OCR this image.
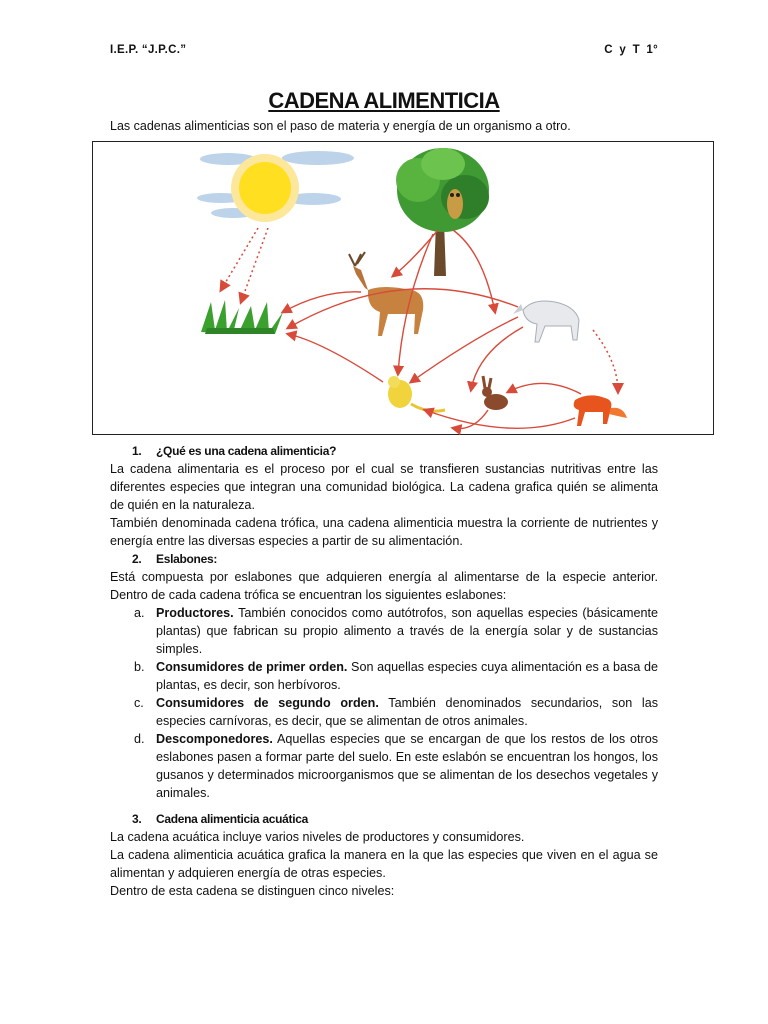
I.E.P. “J.P.C.”	C y T 1°
CADENA ALIMENTICIA
Las cadenas alimenticias son el paso de materia y energía de un organismo a otro.
1. ¿Qué es una cadena alimenticia?

La cadena alimentaria es el proceso por el cual se transfieren sustancias nutritivas entre las diferentes especies que integran una comunidad biológica. La cadena grafica quién se alimenta de quién en la naturaleza.

También denominada cadena trófica, una cadena alimenticia muestra la corriente de nutrientes y energía entre las diversas especies a partir de su alimentación.

2. Eslabones:

Está compuesta por eslabones que adquieren energía al alimentarse de la especie anterior. Dentro de cada cadena trófica se encuentran los siguientes eslabones:

a. Productores. También conocidos como autótrofos, son aquellas especies (básicamente plantas) que fabrican su propio alimento a través de la energía solar y de sustancias simples.
b. Consumidores de primer orden. Son aquellas especies cuya alimentación es a basa de plantas, es decir, son herbívoros.
c. Consumidores de segundo orden. También denominados secundarios, son las especies carnívoras, es decir, que se alimentan de otros animales.
d. Descomponedores. Aquellas especies que se encargan de que los restos de los otros eslabones pasen a formar parte del suelo. En este eslabón se encuentran los hongos, los gusanos y determinados microorganismos que se alimentan de los desechos vegetales y animales.
3. Cadena alimenticia acuática

La cadena acuática incluye varios niveles de productores y consumidores.

La cadena alimenticia acuática grafica la manera en la que las especies que viven en el agua se alimentan y adquieren energía de otras especies.

Dentro de esta cadena se distinguen cinco niveles:
